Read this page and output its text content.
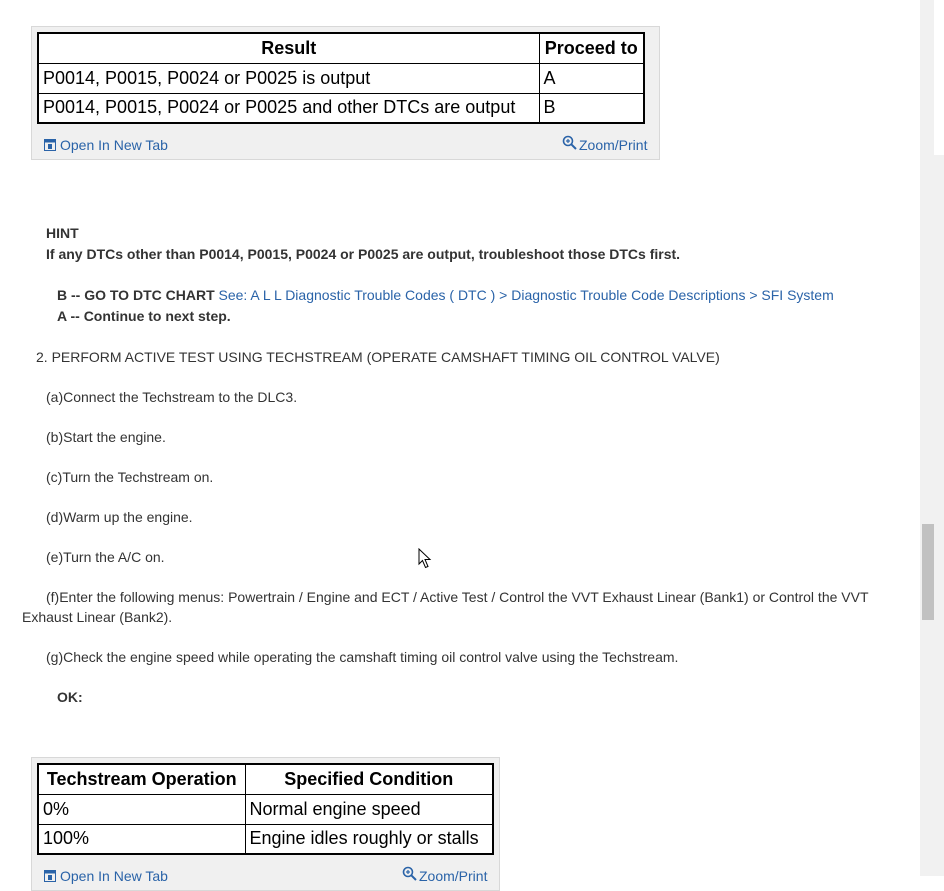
Result	Proceed to
P0014, P0015, P0024 or P0025 is output	A
P0014, P0015, P0024 or P0025 and other DTCs are output	B
Open In New Tab	Zoom/Print
HINT
If any DTCs other than P0014, P0015, P0024 or P0025 are output, troubleshoot those DTCs first.
B -- GO TO DTC CHART See: A L L Diagnostic Trouble Codes ( DTC ) > Diagnostic Trouble Code Descriptions > SFI System
A -- Continue to next step.
2. PERFORM ACTIVE TEST USING TECHSTREAM (OPERATE CAMSHAFT TIMING OIL CONTROL VALVE)
(a)Connect the Techstream to the DLC3.
(b)Start the engine.
(c)Turn the Techstream on.
(d)Warm up the engine.
(e)Turn the A/C on.
(f)Enter the following menus: Powertrain / Engine and ECT / Active Test / Control the VVT Exhaust Linear (Bank1) or Control the VVT
Exhaust Linear (Bank2).
(g)Check the engine speed while operating the camshaft timing oil control valve using the Techstream.
OK:
Techstream Operation	Specified Condition
0%	Normal engine speed
100%	Engine idles roughly or stalls
Open In New Tab	Zoom/Print
